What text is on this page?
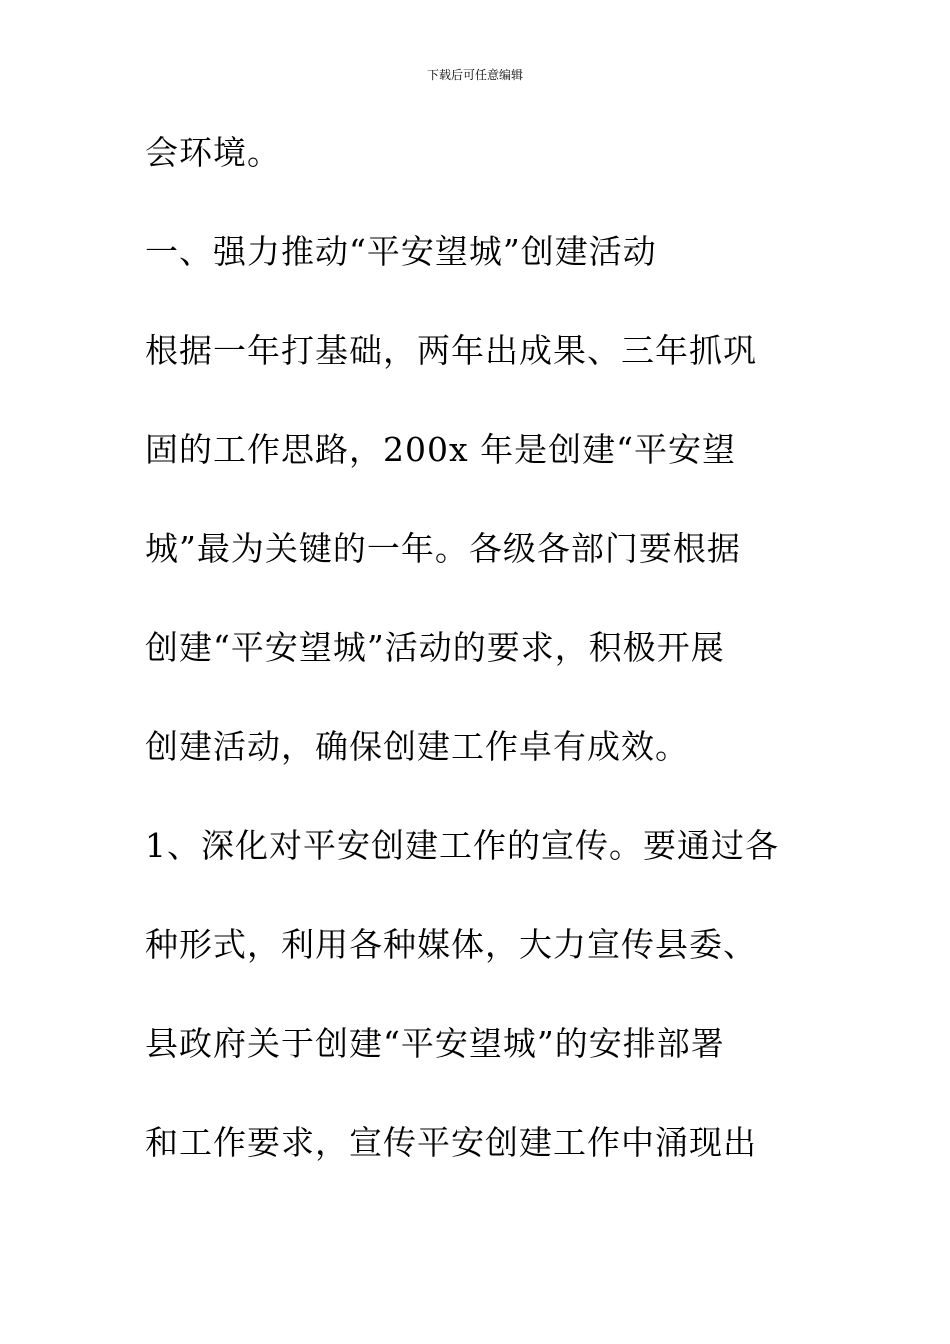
下载后可任意编辑
会环境。
一、强力推动“平安望城”创建活动
根据一年打基础，两年出成果、三年抓巩
固的工作思路，200x 年是创建“平安望
城”最为关键的一年。各级各部门要根据
创建“平安望城”活动的要求，积极开展
创建活动，确保创建工作卓有成效。
1、深化对平安创建工作的宣传。要通过各
种形式，利用各种媒体，大力宣传县委、
县政府关于创建“平安望城”的安排部署
和工作要求，宣传平安创建工作中涌现出
